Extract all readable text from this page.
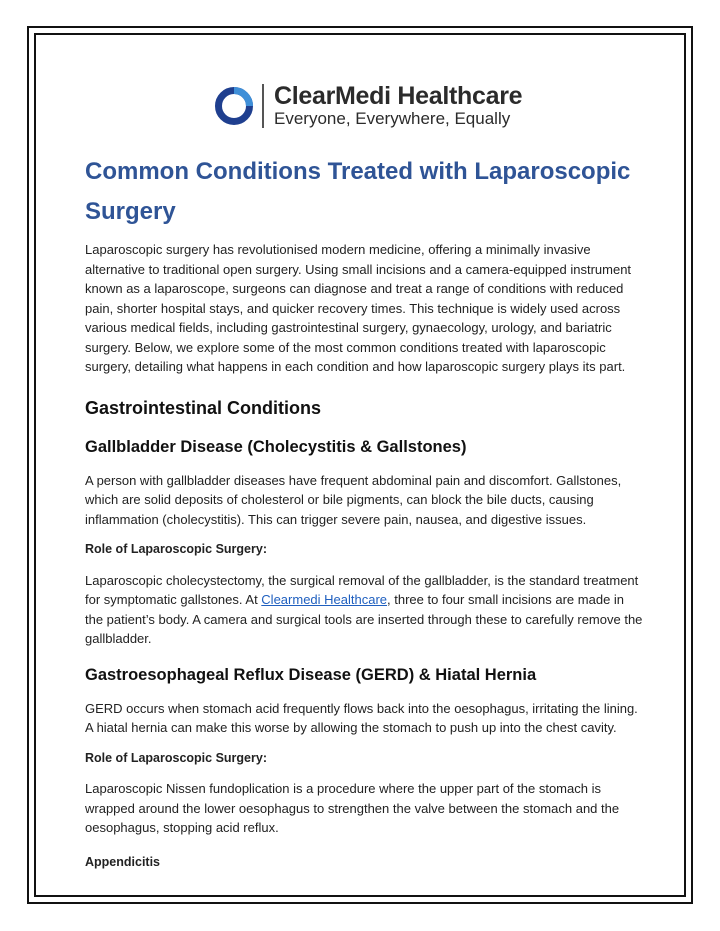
ClearMedi Healthcare
Everyone, Everywhere, Equally
Common Conditions Treated with Laparoscopic Surgery

Laparoscopic surgery has revolutionised modern medicine, offering a minimally invasive alternative to traditional open surgery. Using small incisions and a camera-equipped instrument known as a laparoscope, surgeons can diagnose and treat a range of conditions with reduced pain, shorter hospital stays, and quicker recovery times. This technique is widely used across various medical fields, including gastrointestinal surgery, gynaecology, urology, and bariatric surgery. Below, we explore some of the most common conditions treated with laparoscopic surgery, detailing what happens in each condition and how laparoscopic surgery plays its part.

Gastrointestinal Conditions
Gallbladder Disease (Cholecystitis & Gallstones)

A person with gallbladder diseases have frequent abdominal pain and discomfort. Gallstones, which are solid deposits of cholesterol or bile pigments, can block the bile ducts, causing inflammation (cholecystitis). This can trigger severe pain, nausea, and digestive issues.

Role of Laparoscopic Surgery:

Laparoscopic cholecystectomy, the surgical removal of the gallbladder, is the standard treatment for symptomatic gallstones. At Clearmedi Healthcare, three to four small incisions are made in the patient’s body. A camera and surgical tools are inserted through these to carefully remove the gallbladder.

Gastroesophageal Reflux Disease (GERD) & Hiatal Hernia

GERD occurs when stomach acid frequently flows back into the oesophagus, irritating the lining. A hiatal hernia can make this worse by allowing the stomach to push up into the chest cavity.

Role of Laparoscopic Surgery:

Laparoscopic Nissen fundoplication is a procedure where the upper part of the stomach is wrapped around the lower oesophagus to strengthen the valve between the stomach and the oesophagus, stopping acid reflux.

Appendicitis
